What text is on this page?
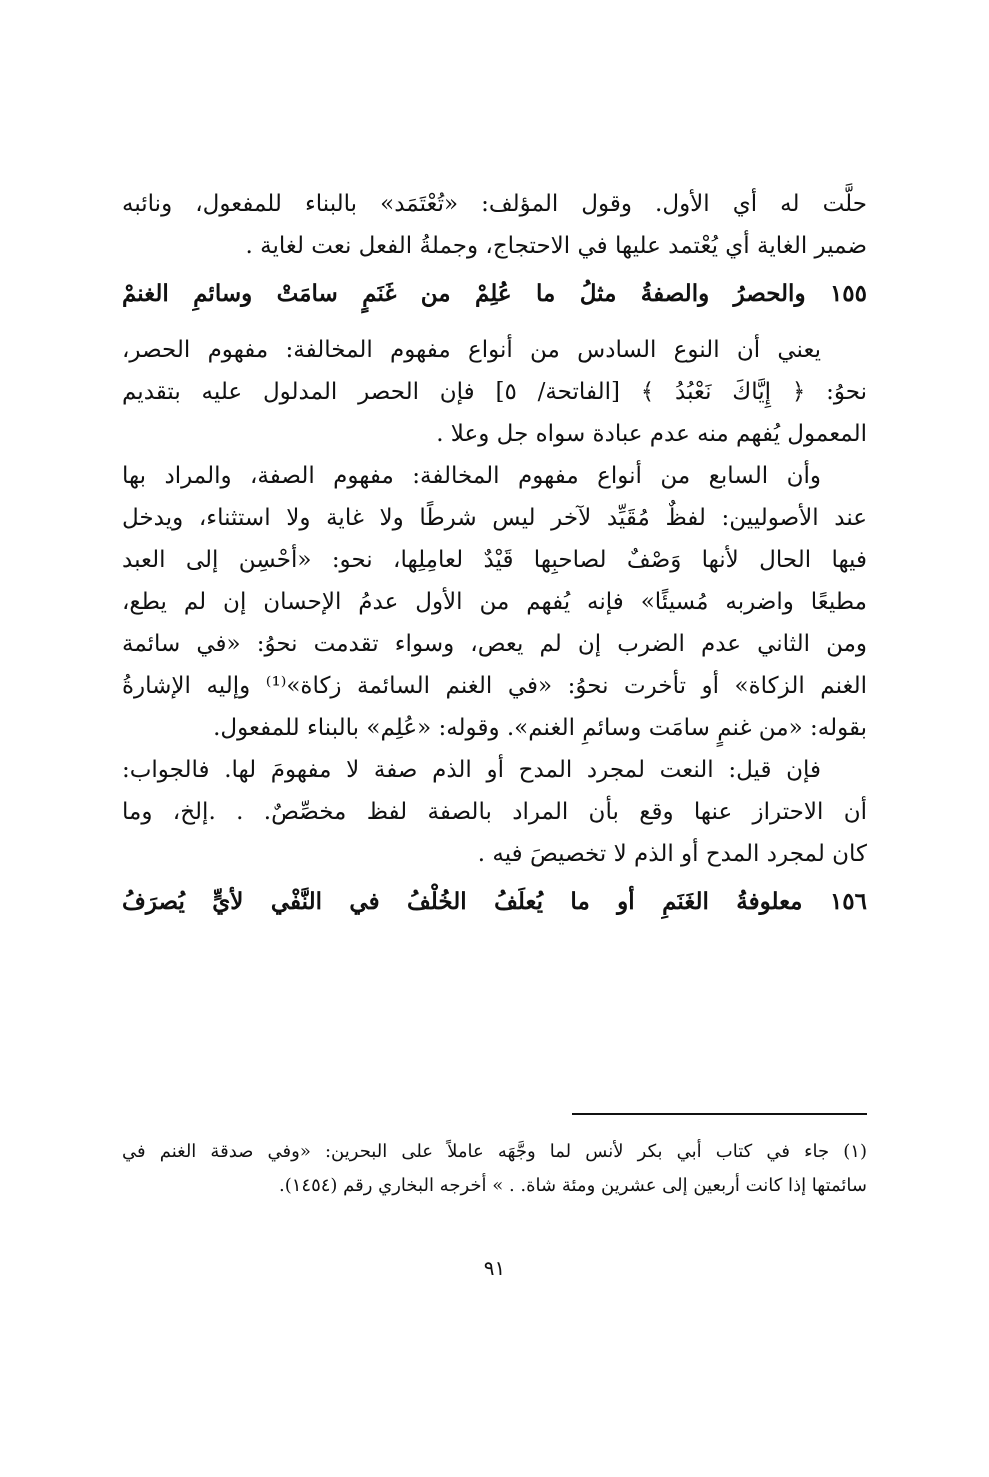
حلَّت له أي الأول. وقول المؤلف: «تُعْتَمَد» بالبناء للمفعول، ونائبه
ضمير الغاية أي يُعْتمد عليها في الاحتجاج، وجملةُ الفعل نعت لغاية .
١٥٥ والحصرُ والصفةُ مثلُ ما عُلِمْ من غَنَمٍ سامَتْ وسائمِ الغنمْ
يعني أن النوع السادس من أنواع مفهوم المخالفة: مفهوم الحصر،
نحوُ: ﴿ إِيَّاكَ نَعْبُدُ ﴾ [الفاتحة/ ٥] فإن الحصر المدلول عليه بتقديم
المعمول يُفهم منه عدم عبادة سواه جل وعلا .
وأن السابع من أنواع مفهوم المخالفة: مفهوم الصفة، والمراد بها
عند الأصوليين: لفظٌ مُقَيِّد لآخر ليس شرطًا ولا غاية ولا استثناء، ويدخل
فيها الحال لأنها وَصْفٌ لصاحبِها قَيْدٌ لعامِلِها، نحو: «أحْسِن إلى العبد
مطيعًا واضربه مُسيئًا» فإنه يُفهم من الأول عدمُ الإحسان إن لم يطع،
ومن الثاني عدم الضرب إن لم يعص، وسواء تقدمت نحوُ: «في سائمة
الغنم الزكاة» أو تأخرت نحوُ: «في الغنم السائمة زكاة»⁽¹⁾ وإليه الإشارةُ
بقوله: «من غنمٍ سامَت وسائمِ الغنم». وقوله: «عُلِم» بالبناء للمفعول.
فإن قيل: النعت لمجرد المدح أو الذم صفة لا مفهومَ لها. فالجواب:
أن الاحتراز عنها وقع بأن المراد بالصفة لفظ مخصِّصٌ. . .إلخ، وما
كان لمجرد المدح أو الذم لا تخصيصَ فيه .
١٥٦ معلوفةُ الغَنَمِ أو ما يُعلَفُ الخُلْفُ في النَّفْي لأيٍّ يُصرَفُ
(١) جاء في كتاب أبي بكر لأنس لما وجَّهَه عاملاً على البحرين: «وفي صدقة الغنم في
سائمتها إذا كانت أربعين إلى عشرين ومئة شاة. . » أخرجه البخاري رقم (١٤٥٤).
٩١
